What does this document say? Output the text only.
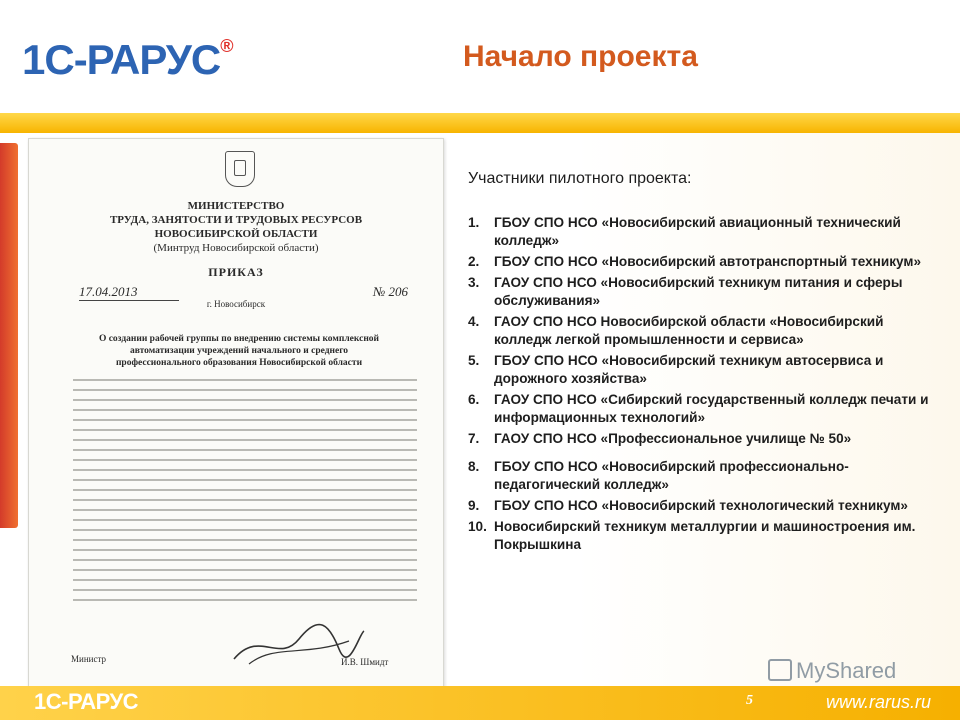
1С-РАРУС®	Начало проекта
МИНИСТЕРСТВО
ТРУДА, ЗАНЯТОСТИ И ТРУДОВЫХ РЕСУРСОВ
НОВОСИБИРСКОЙ ОБЛАСТИ
(Минтруд Новосибирской области)
ПРИКАЗ
17.04.2013	№ 206
г. Новосибирск
О создании рабочей группы по внедрению системы комплексной автоматизации учреждений начального и среднего профессионального образования Новосибирской области
Министр	И.В. Шмидт
Участники пилотного проекта:
1. ГБОУ СПО НСО «Новосибирский авиационный технический колледж»
2. ГБОУ СПО НСО «Новосибирский автотранспортный техникум»
3. ГАОУ СПО НСО «Новосибирский техникум питания и сферы обслуживания»
4. ГАОУ СПО НСО Новосибирской области «Новосибирский колледж легкой промышленности и сервиса»
5. ГБОУ СПО НСО «Новосибирский техникум автосервиса и дорожного хозяйства»
6. ГАОУ СПО НСО «Сибирский государственный колледж печати и информационных технологий»
7. ГАОУ СПО НСО «Профессиональное училище № 50»
8. ГБОУ СПО НСО «Новосибирский профессионально-педагогический колледж»
9. ГБОУ СПО НСО «Новосибирский технологический техникум»
10. Новосибирский техникум металлургии и машиностроения им. Покрышкина
MyShared
1С-РАРУС	5	www.rarus.ru
